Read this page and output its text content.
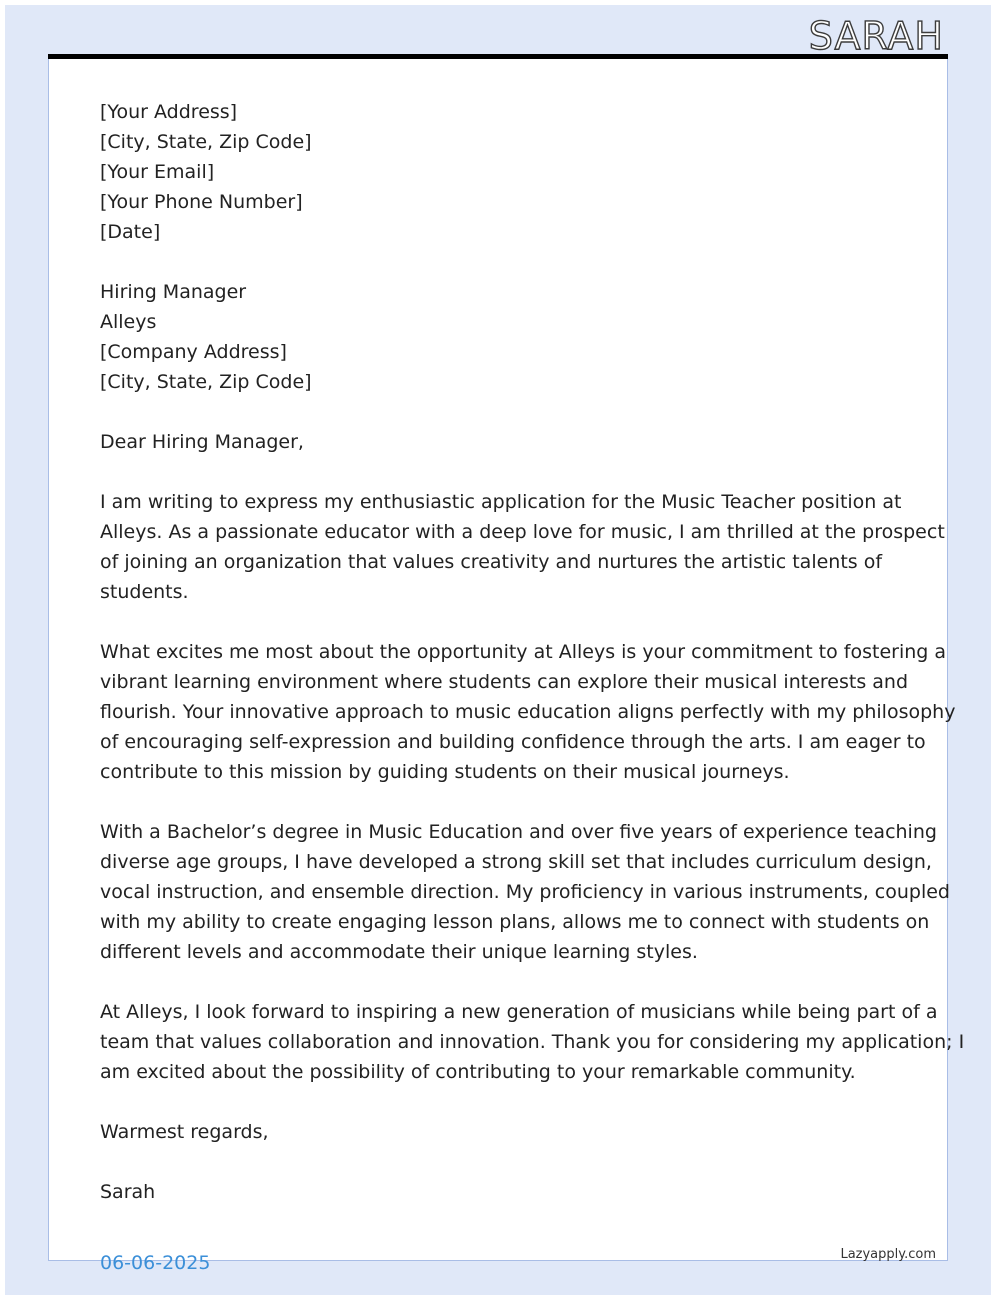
SARAH
[Your Address]
[City, State, Zip Code]
[Your Email]
[Your Phone Number]
[Date]
Hiring Manager
Alleys
[Company Address]
[City, State, Zip Code]
Dear Hiring Manager,

I am writing to express my enthusiastic application for the Music Teacher position at
Alleys. As a passionate educator with a deep love for music, I am thrilled at the prospect
of joining an organization that values creativity and nurtures the artistic talents of
students.

What excites me most about the opportunity at Alleys is your commitment to fostering a
vibrant learning environment where students can explore their musical interests and
flourish. Your innovative approach to music education aligns perfectly with my philosophy
of encouraging self-expression and building confidence through the arts. I am eager to
contribute to this mission by guiding students on their musical journeys.

With a Bachelor’s degree in Music Education and over five years of experience teaching
diverse age groups, I have developed a strong skill set that includes curriculum design,
vocal instruction, and ensemble direction. My proficiency in various instruments, coupled
with my ability to create engaging lesson plans, allows me to connect with students on
different levels and accommodate their unique learning styles.

At Alleys, I look forward to inspiring a new generation of musicians while being part of a
team that values collaboration and innovation. Thank you for considering my application; I
am excited about the possibility of contributing to your remarkable community.

Warmest regards,
Sarah
06-06-2025	Lazyapply.com
